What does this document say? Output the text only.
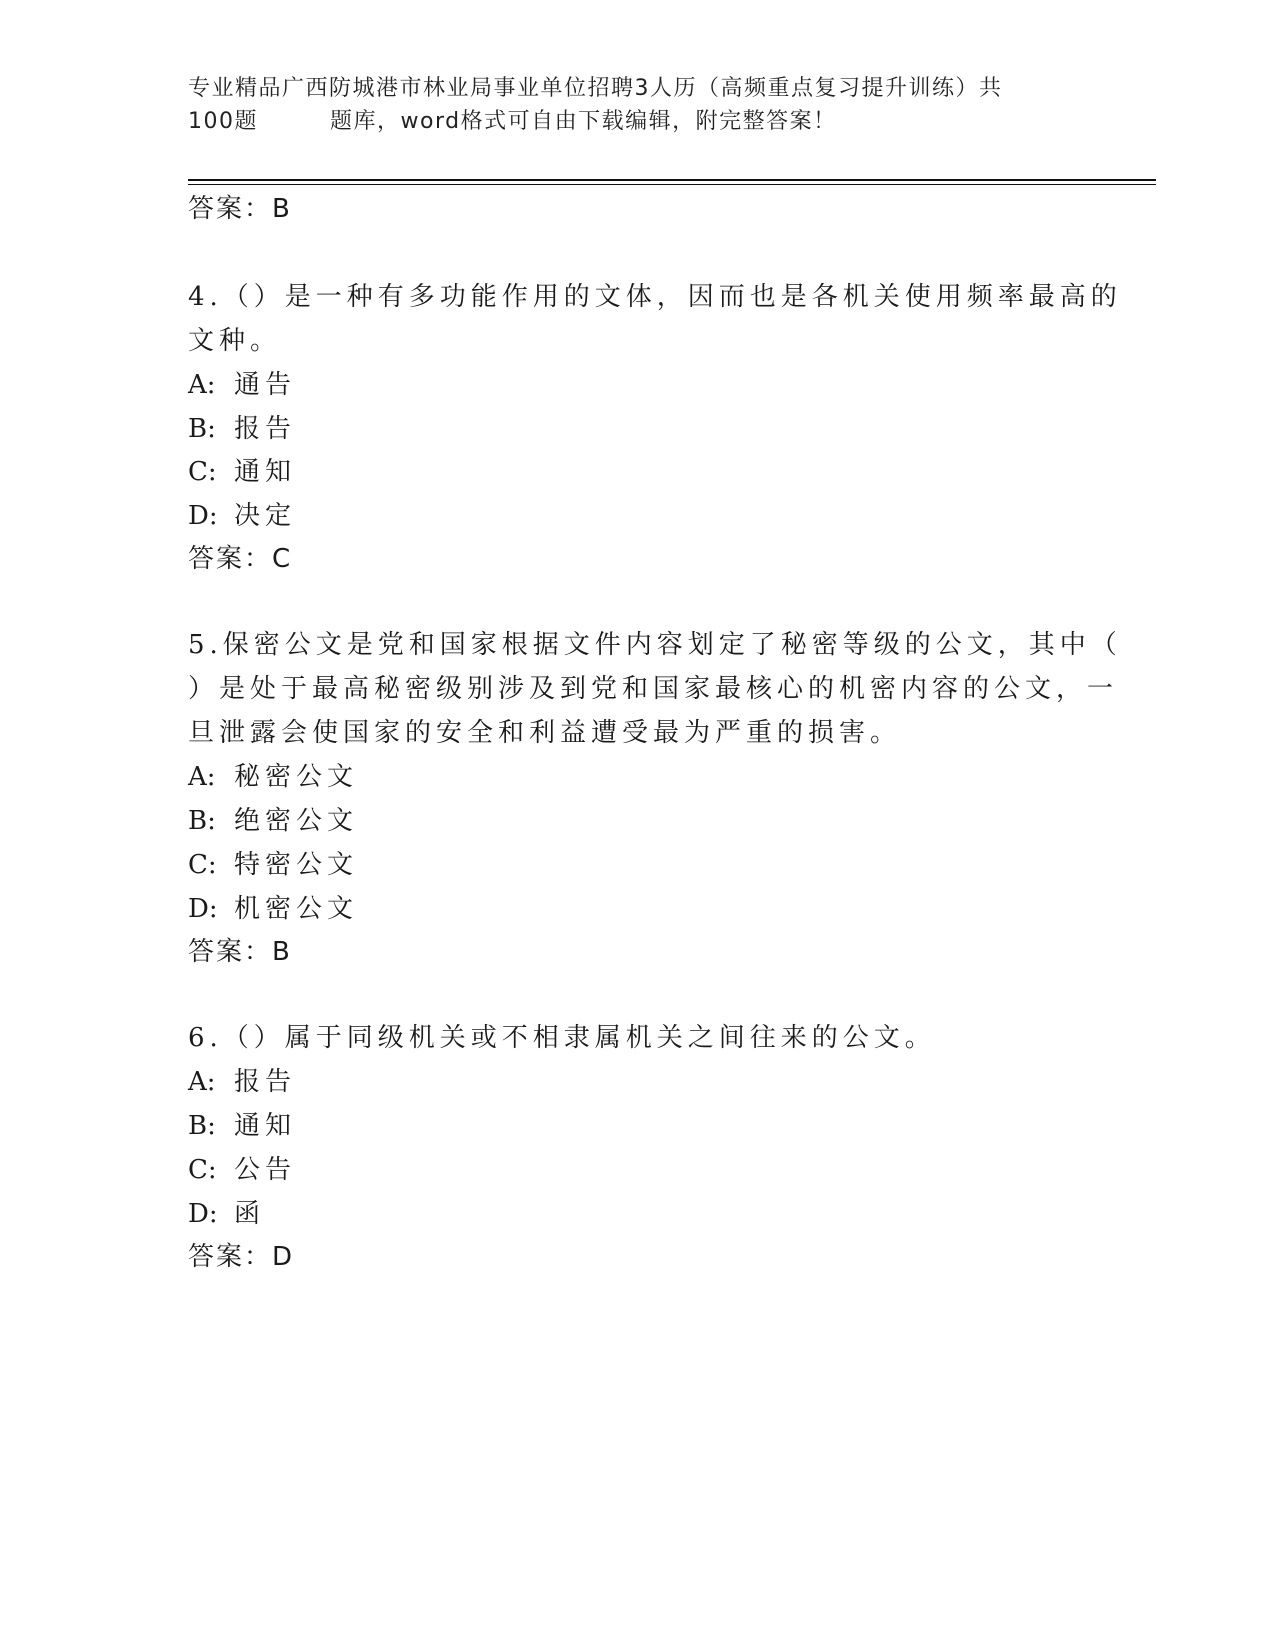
专业精品广西防城港市林业局事业单位招聘3人历（高频重点复习提升训练）共
100题	题库，word格式可自由下载编辑，附完整答案！
答案：B
4.（）是一种有多功能作用的文体，因而也是各机关使用频率最高的
文种。
A: 通告
B: 报告
C: 通知
D: 决定
答案：C
5.保密公文是党和国家根据文件内容划定了秘密等级的公文，其中（
）是处于最高秘密级别涉及到党和国家最核心的机密内容的公文，一
旦泄露会使国家的安全和利益遭受最为严重的损害。
A: 秘密公文
B: 绝密公文
C: 特密公文
D: 机密公文
答案：B
6.（）属于同级机关或不相隶属机关之间往来的公文。
A: 报告
B: 通知
C: 公告
D: 函
答案：D
